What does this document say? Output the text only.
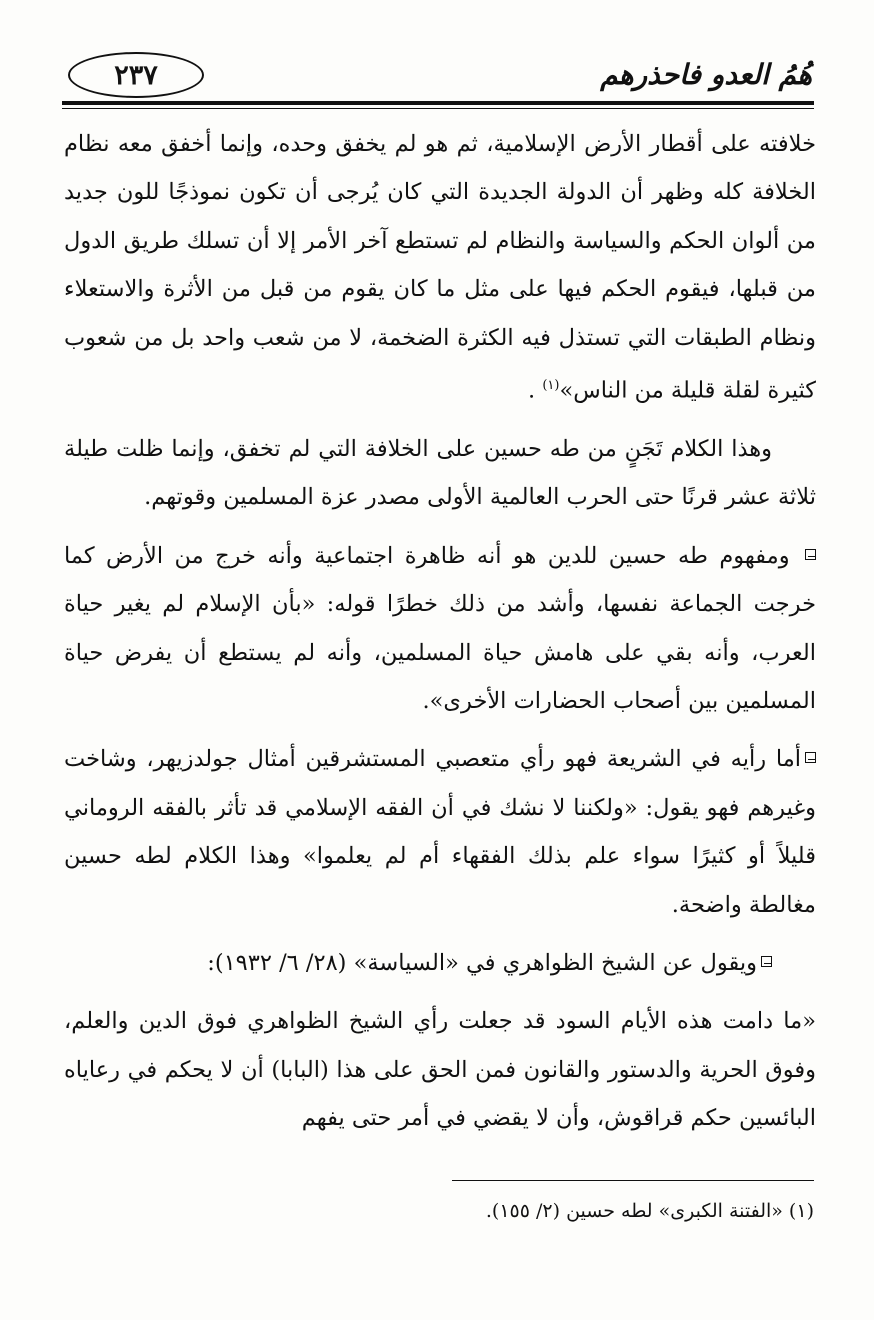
هُمُ العدو فاحذرهم
٢٣٧

خلافته على أقطار الأرض الإسلامية، ثم هو لم يخفق وحده، وإنما أخفق معه نظام الخلافة كله وظهر أن الدولة الجديدة التي كان يُرجى أن تكون نموذجًا للون جديد من ألوان الحكم والسياسة والنظام لم تستطع آخر الأمر إلا أن تسلك طريق الدول من قبلها، فيقوم الحكم فيها على مثل ما كان يقوم من قبل من الأثرة والاستعلاء ونظام الطبقات التي تستذل فيه الكثرة الضخمة، لا من شعب واحد بل من شعوب كثيرة لقلة قليلة من الناس»$^{(١)}$ .

وهذا الكلام تَجَنٍ من طه حسين على الخلافة التي لم تخفق، وإنما ظلت طيلة ثلاثة عشر قرنًا حتى الحرب العالمية الأولى مصدر عزة المسلمين وقوتهم.

ومفهوم طه حسين للدين هو أنه ظاهرة اجتماعية وأنه خرج من الأرض كما خرجت الجماعة نفسها، وأشد من ذلك خطرًا قوله: «بأن الإسلام لم يغير حياة العرب، وأنه بقي على هامش حياة المسلمين، وأنه لم يستطع أن يفرض حياة المسلمين بين أصحاب الحضارات الأخرى».

أما رأيه في الشريعة فهو رأي متعصبي المستشرقين أمثال جولدزيهر، وشاخت وغيرهم فهو يقول: «ولكننا لا نشك في أن الفقه الإسلامي قد تأثر بالفقه الروماني قليلاً أو كثيرًا سواء علم بذلك الفقهاء أم لم يعلموا» وهذا الكلام لطه حسين مغالطة واضحة.

ويقول عن الشيخ الظواهري في «السياسة» (٢٨/ ٦/ ١٩٣٢):

«ما دامت هذه الأيام السود قد جعلت رأي الشيخ الظواهري فوق الدين والعلم، وفوق الحرية والدستور والقانون فمن الحق على هذا (البابا) أن لا يحكم في رعاياه البائسين حكم قراقوش، وأن لا يقضي في أمر حتى يفهم

(١) «الفتنة الكبرى» لطه حسين (٢/ ١٥٥).
